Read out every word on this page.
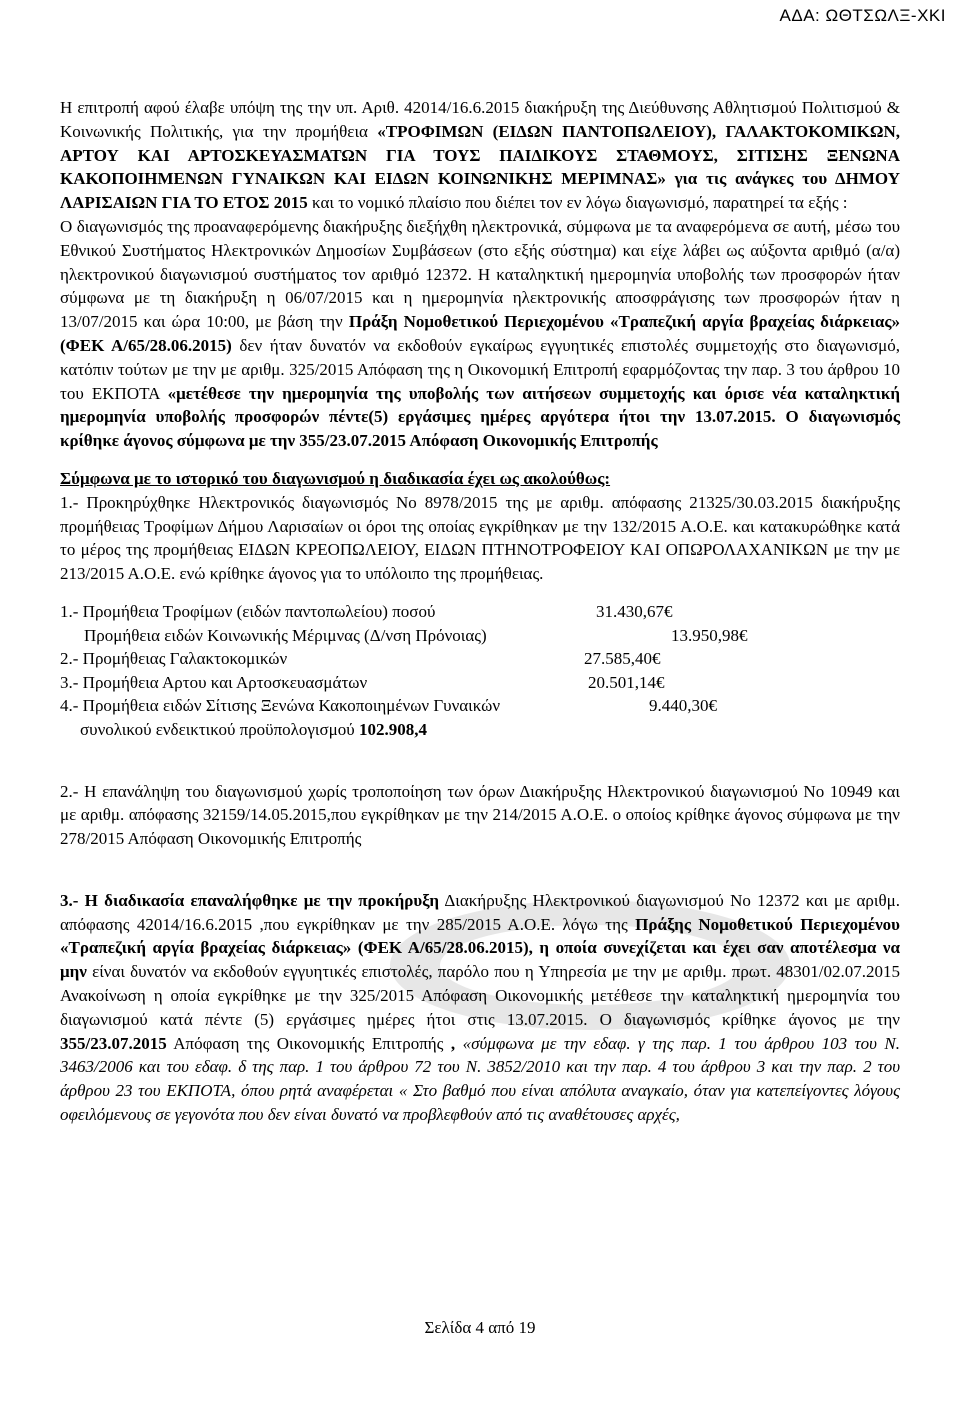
ΑΔΑ: ΩΘΤΣΩΛΞ-ΧΚΙ

Η επιτροπή αφού έλαβε υπόψη της την υπ. Αριθ. 42014/16.6.2015 διακήρυξη της Διεύθυνσης Αθλητισμού Πολιτισμού & Κοινωνικής Πολιτικής, για την προμήθεια «ΤΡΟΦΙΜΩΝ (ΕΙΔΩΝ ΠΑΝΤΟΠΩΛΕΙΟΥ), ΓΑΛΑΚΤΟΚΟΜΙΚΩΝ, ΑΡΤΟΥ ΚΑΙ ΑΡΤΟΣΚΕΥΑΣΜΑΤΩΝ ΓΙΑ ΤΟΥΣ ΠΑΙΔΙΚΟΥΣ ΣΤΑΘΜΟΥΣ, ΣΙΤΙΣΗΣ ΞΕΝΩΝΑ ΚΑΚΟΠΟΙΗΜΕΝΩΝ ΓΥΝΑΙΚΩΝ ΚΑΙ ΕΙΔΩΝ ΚΟΙΝΩΝΙΚΗΣ ΜΕΡΙΜΝΑΣ» για τις ανάγκες του ΔΗΜΟΥ ΛΑΡΙΣΑΙΩΝ ΓΙΑ ΤΟ ΕΤΟΣ 2015 και το νομικό πλαίσιο που διέπει τον εν λόγω διαγωνισμό, παρατηρεί τα εξής :

Ο διαγωνισμός της προαναφερόμενης διακήρυξης διεξήχθη ηλεκτρονικά, σύμφωνα με τα αναφερόμενα σε αυτή, μέσω του Εθνικού Συστήματος Ηλεκτρονικών Δημοσίων Συμβάσεων (στο εξής σύστημα) και είχε λάβει ως αύξοντα αριθμό (α/α) ηλεκτρονικού διαγωνισμού συστήματος τον αριθμό 12372. Η καταληκτική ημερομηνία υποβολής των προσφορών ήταν σύμφωνα με τη διακήρυξη η 06/07/2015 και η ημερομηνία ηλεκτρονικής αποσφράγισης των προσφορών ήταν η 13/07/2015 και ώρα 10:00, με βάση την Πράξη Νομοθετικού Περιεχομένου «Τραπεζική αργία βραχείας διάρκειας» (ΦΕΚ Α/65/28.06.2015) δεν ήταν δυνατόν να εκδοθούν εγκαίρως εγγυητικές επιστολές συμμετοχής στο διαγωνισμό, κατόπιν τούτων με την με αριθμ. 325/2015 Απόφαση της η Οικονομική Επιτροπή εφαρμόζοντας την παρ. 3 του άρθρου 10 του ΕΚΠΟΤΑ «μετέθεσε την ημερομηνία της υποβολής των αιτήσεων συμμετοχής και όρισε νέα καταληκτική ημερομηνία υποβολής προσφορών πέντε(5) εργάσιμες ημέρες αργότερα ήτοι την 13.07.2015. Ο διαγωνισμός κρίθηκε άγονος σύμφωνα με την 355/23.07.2015 Απόφαση Οικονομικής Επιτροπής

Σύμφωνα με το ιστορικό του διαγωνισμού η διαδικασία έχει ως ακολούθως:

1.- Προκηρύχθηκε Ηλεκτρονικός διαγωνισμός Νο 8978/2015 της με αριθμ. απόφασης 21325/30.03.2015 διακήρυξης προμήθειας Τροφίμων Δήμου Λαρισαίων οι όροι της οποίας εγκρίθηκαν με την 132/2015 Α.Ο.Ε. και κατακυρώθηκε κατά το μέρος της προμήθειας ΕΙΔΩΝ ΚΡΕΟΠΩΛΕΙΟΥ, ΕΙΔΩΝ ΠΤΗΝΟΤΡΟΦΕΙΟΥ ΚΑΙ ΟΠΩΡΟΛΑΧΑΝΙΚΩΝ με την με 213/2015 Α.Ο.Ε. ενώ κρίθηκε άγονος για το υπόλοιπο της προμήθειας.

1.- Προμήθεια Τροφίμων (ειδών παντοπωλείου) ποσού	31.430,67€
Προμήθεια ειδών Κοινωνικής Μέριμνας (Δ/νση Πρόνοιας)	13.950,98€
2.- Προμήθειας Γαλακτοκομικών	27.585,40€
3.- Προμήθεια Αρτου και Αρτοσκευασμάτων	20.501,14€
4.- Προμήθεια ειδών Σίτισης Ξενώνα Κακοποιημένων Γυναικών	9.440,30€
συνολικού ενδεικτικού προϋπολογισμού 102.908,4

2.- Η επανάληψη του διαγωνισμού χωρίς τροποποίηση των όρων Διακήρυξης Ηλεκτρονικού διαγωνισμού Νο 10949 και με αριθμ. απόφασης 32159/14.05.2015,που εγκρίθηκαν με την 214/2015 Α.Ο.Ε. ο οποίος κρίθηκε άγονος σύμφωνα με την 278/2015 Απόφαση Οικονομικής Επιτροπής

3.- Η διαδικασία επαναλήφθηκε με την προκήρυξη Διακήρυξης Ηλεκτρονικού διαγωνισμού Νο 12372 και με αριθμ. απόφασης 42014/16.6.2015 ,που εγκρίθηκαν με την 285/2015 Α.Ο.Ε. λόγω της Πράξης Νομοθετικού Περιεχομένου «Τραπεζική αργία βραχείας διάρκειας» (ΦΕΚ Α/65/28.06.2015), η οποία συνεχίζεται και έχει σαν αποτέλεσμα να μην είναι δυνατόν να εκδοθούν εγγυητικές επιστολές, παρόλο που η Υπηρεσία με την με αριθμ. πρωτ. 48301/02.07.2015 Ανακοίνωση η οποία εγκρίθηκε με την 325/2015 Απόφαση Οικονομικής μετέθεσε την καταληκτική ημερομηνία του διαγωνισμού κατά πέντε (5) εργάσιμες ημέρες ήτοι στις 13.07.2015. Ο διαγωνισμός κρίθηκε άγονος με την 355/23.07.2015 Απόφαση της Οικονομικής Επιτροπής , «σύμφωνα με την εδαφ. γ της παρ. 1 του άρθρου 103 του Ν. 3463/2006 και του εδαφ. δ της παρ. 1 του άρθρου 72 του Ν. 3852/2010 και την παρ. 4 του άρθρου 3 και την παρ. 2 του άρθρου 23 του ΕΚΠΟΤΑ, όπου ρητά αναφέρεται « Στο βαθμό που είναι απόλυτα αναγκαίο, όταν για κατεπείγοντες λόγους οφειλόμενους σε γεγονότα που δεν είναι δυνατό να προβλεφθούν από τις αναθέτουσες αρχές,

Σελίδα 4 από 19
